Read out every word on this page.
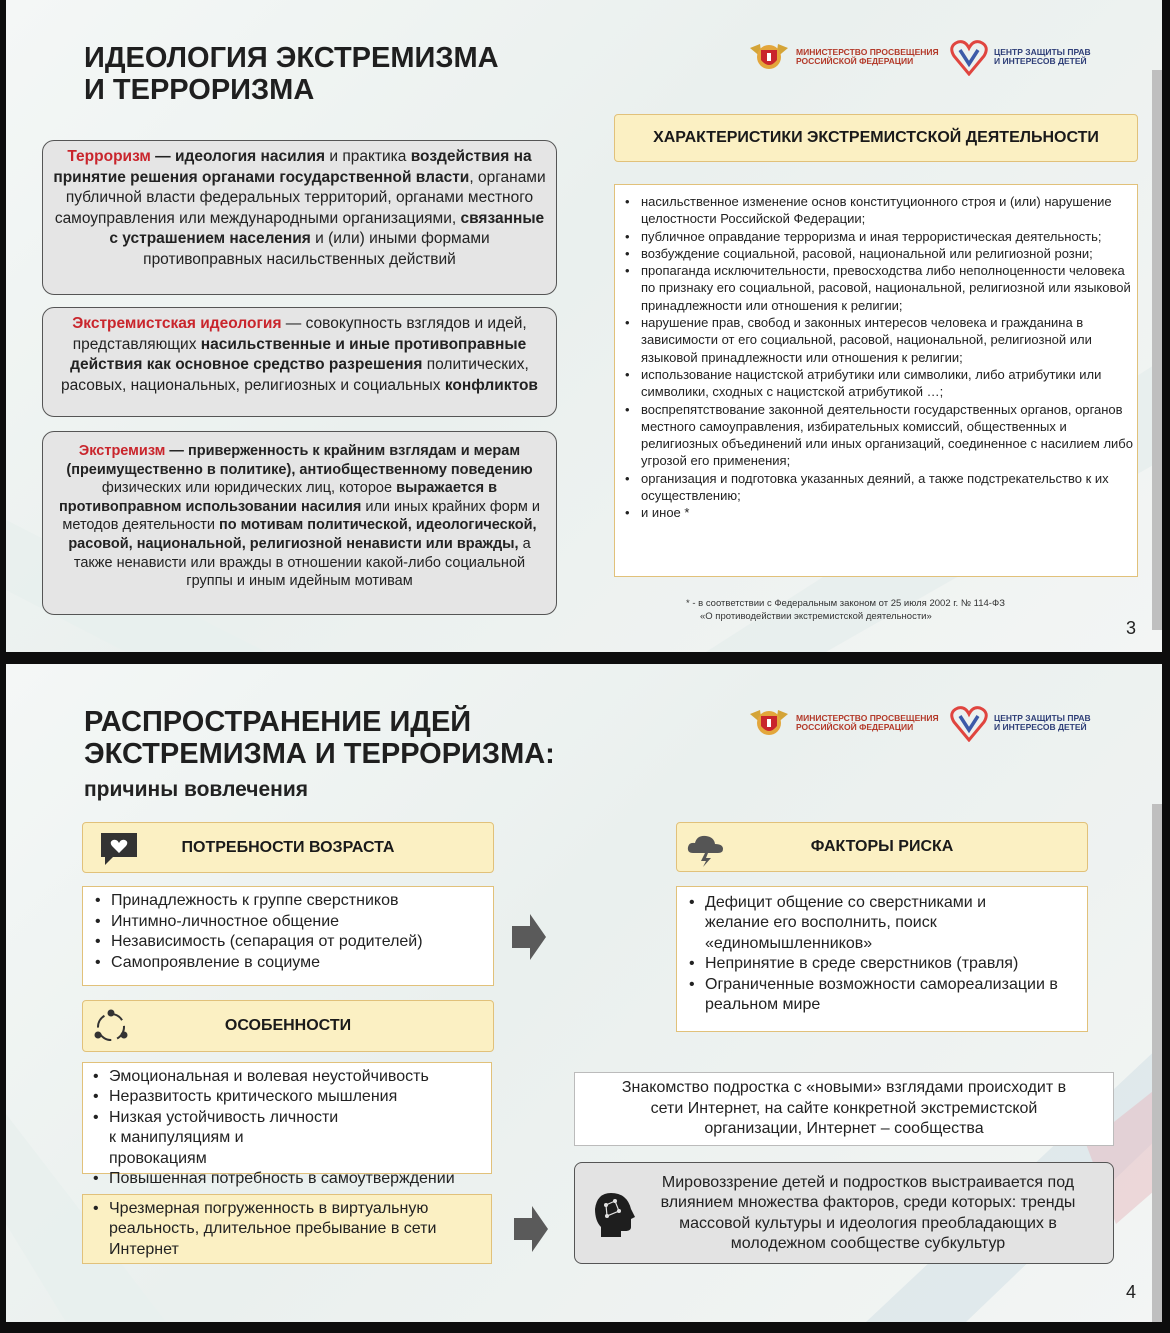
ИДЕОЛОГИЯ ЭКСТРЕМИЗМА
И ТЕРРОРИЗМА
МИНИСТЕРСТВО ПРОСВЕЩЕНИЯ
РОССИЙСКОЙ ФЕДЕРАЦИИ
ЦЕНТР ЗАЩИТЫ ПРАВ
И ИНТЕРЕСОВ ДЕТЕЙ
Терроризм — идеология насилия и практика воздействия на принятие решения органами государственной власти, органами публичной власти федеральных территорий, органами местного самоуправления или международными организациями, связанные с устрашением населения и (или) иными формами противоправных насильственных действий
Экстремистская идеология — совокупность взглядов и идей, представляющих насильственные и иные противоправные действия как основное средство разрешения политических, расовых, национальных, религиозных и социальных конфликтов
Экстремизм — приверженность к крайним взглядам и мерам (преимущественно в политике), антиобщественному поведению физических или юридических лиц, которое выражается в противоправном использовании насилия или иных крайних форм и методов деятельности по мотивам политической, идеологической, расовой, национальной, религиозной ненависти или вражды, а также ненависти или вражды в отношении какой-либо социальной группы и иным идейным мотивам
ХАРАКТЕРИСТИКИ ЭКСТРЕМИСТСКОЙ ДЕЯТЕЛЬНОСТИ
• насильственное изменение основ конституционного строя и (или) нарушение целостности Российской Федерации;
• публичное оправдание терроризма и иная террористическая деятельность;
• возбуждение социальной, расовой, национальной или религиозной розни;
• пропаганда исключительности, превосходства либо неполноценности человека по признаку его социальной, расовой, национальной, религиозной или языковой принадлежности или отношения к религии;
• нарушение прав, свобод и законных интересов человека и гражданина в зависимости от его социальной, расовой, национальной, религиозной или языковой принадлежности или отношения к религии;
• использование нацистской атрибутики или символики, либо атрибутики или символики, сходных с нацистской атрибутикой …;
• воспрепятствование законной деятельности государственных органов, органов местного самоуправления, избирательных комиссий, общественных и религиозных объединений или иных организаций, соединенное с насилием либо угрозой его применения;
• организация и подготовка указанных деяний, а также подстрекательство к их осуществлению;
• и иное *
* - в соответствии с Федеральным законом от 25 июля 2002 г. № 114-ФЗ
«О противодействии экстремистской деятельности»
3
РАСПРОСТРАНЕНИЕ ИДЕЙ
ЭКСТРЕМИЗМА И ТЕРРОРИЗМА:
причины вовлечения
МИНИСТЕРСТВО ПРОСВЕЩЕНИЯ
РОССИЙСКОЙ ФЕДЕРАЦИИ
ЦЕНТР ЗАЩИТЫ ПРАВ
И ИНТЕРЕСОВ ДЕТЕЙ
ПОТРЕБНОСТИ ВОЗРАСТА
• Принадлежность к группе сверстников
• Интимно-личностное общение
• Независимость (сепарация от родителей)
• Самопроявление в социуме
ОСОБЕННОСТИ
• Эмоциональная и волевая неустойчивость
• Неразвитость критического мышления
• Низкая устойчивость личности к манипуляциям и провокациям
• Повышенная потребность в самоутверждении
• Чрезмерная погруженность в виртуальную реальность, длительное пребывание в сети Интернет
ФАКТОРЫ РИСКА
• Дефицит общение со сверстниками и желание его восполнить, поиск «единомышленников»
• Непринятие в среде сверстников (травля)
• Ограниченные возможности самореализации в реальном мире
Знакомство подростка с «новыми» взглядами происходит в сети Интернет, на сайте конкретной экстремистской организации, Интернет – сообщества
Мировоззрение детей и подростков выстраивается под влиянием множества факторов, среди которых: тренды массовой культуры и идеология преобладающих в молодежном сообществе субкультур
4
